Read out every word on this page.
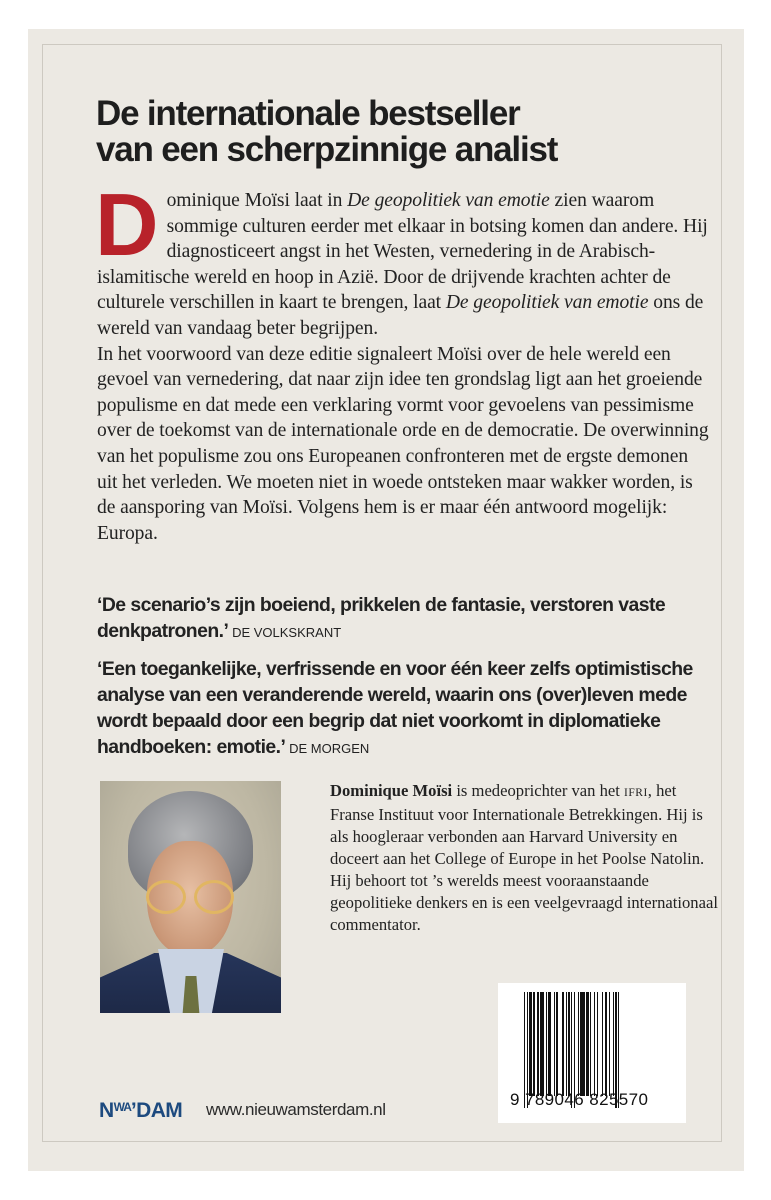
De internationale bestseller
van een scherpzinnige analist
Dominique Moïsi laat in De geopolitiek van emotie zien waarom sommige culturen eerder met elkaar in botsing komen dan andere. Hij diagnosticeert angst in het Westen, vernedering in de Arabisch-islamitische wereld en hoop in Azië. Door de drijvende krachten achter de culturele verschillen in kaart te brengen, laat De geopolitiek van emotie ons de wereld van vandaag beter begrijpen.
In het voorwoord van deze editie signaleert Moïsi over de hele wereld een gevoel van vernedering, dat naar zijn idee ten grondslag ligt aan het groeiende populisme en dat mede een verklaring vormt voor gevoelens van pessimisme over de toekomst van de internationale orde en de democratie. De overwinning van het populisme zou ons Europeanen confronteren met de ergste demonen uit het verleden. We moeten niet in woede ontsteken maar wakker worden, is de aansporing van Moïsi. Volgens hem is er maar één antwoord mogelijk: Europa.

‘De scenario’s zijn boeiend, prikkelen de fantasie, verstoren vaste denkpatronen.’ DE VOLKSKRANT

‘Een toegankelijke, verfrissende en voor één keer zelfs optimistische analyse van een veranderende wereld, waarin ons (over)leven mede wordt bepaald door een begrip dat niet voorkomt in diplomatieke handboeken: emotie.’ DE MORGEN

Dominique Moïsi is medeoprichter van het IFRI, het Franse Instituut voor Internationale Betrekkingen. Hij is als hoogleraar verbonden aan Harvard University en doceert aan het College of Europe in het Poolse Natolin. Hij behoort tot ’s werelds meest vooraanstaande geopolitieke denkers en is een veelgevraagd internationaal commentator.

9 789046 825570
$N^{WA}’DAM$ www.nieuwamsterdam.nl
